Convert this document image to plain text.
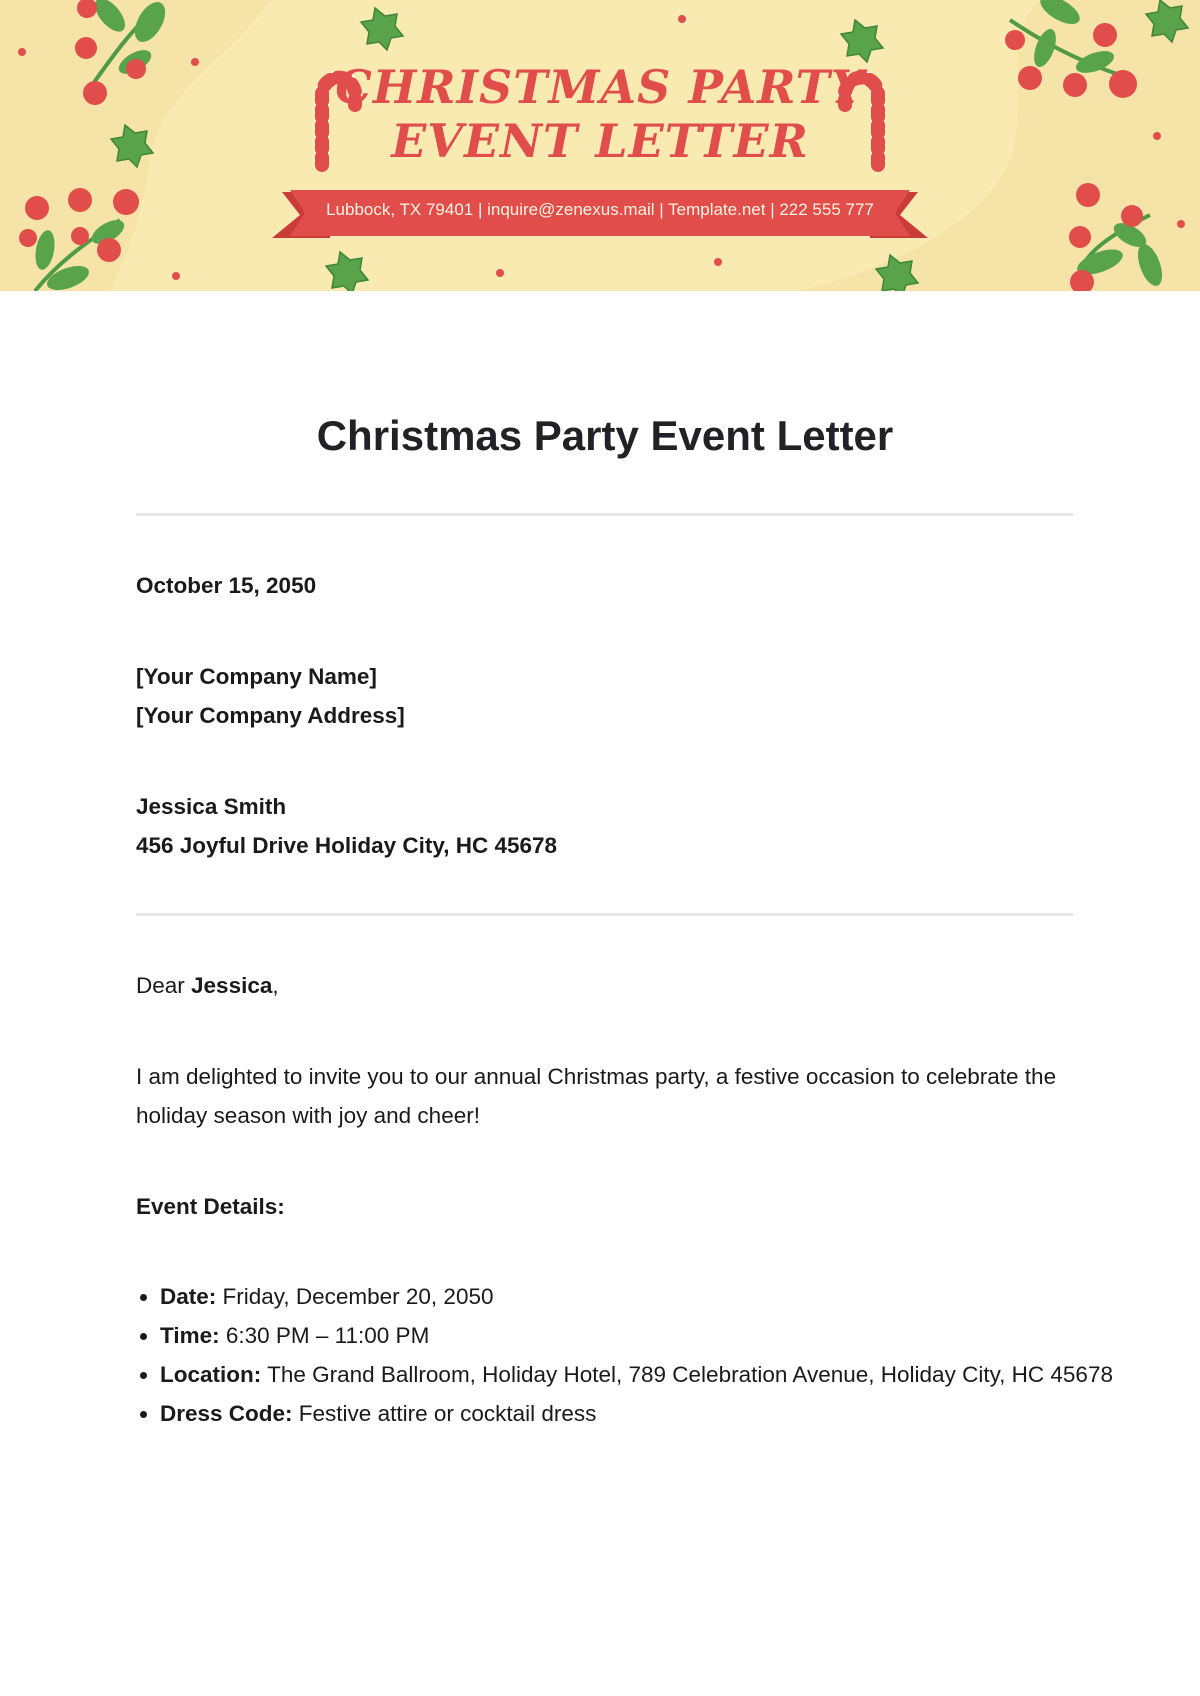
CHRISTMAS PARTY
EVENT LETTER
Lubbock, TX 79401 | inquire@zenexus.mail | Template.net | 222 555 777
Christmas Party Event Letter
October 15, 2050
[Your Company Name]
[Your Company Address]
Jessica Smith
456 Joyful Drive Holiday City, HC 45678
Dear Jessica,
I am delighted to invite you to our annual Christmas party, a festive occasion to celebrate the holiday season with joy and cheer!
Event Details:
• Date: Friday, December 20, 2050
• Time: 6:30 PM – 11:00 PM
• Location: The Grand Ballroom, Holiday Hotel, 789 Celebration Avenue, Holiday City, HC 45678
• Dress Code: Festive attire or cocktail dress
